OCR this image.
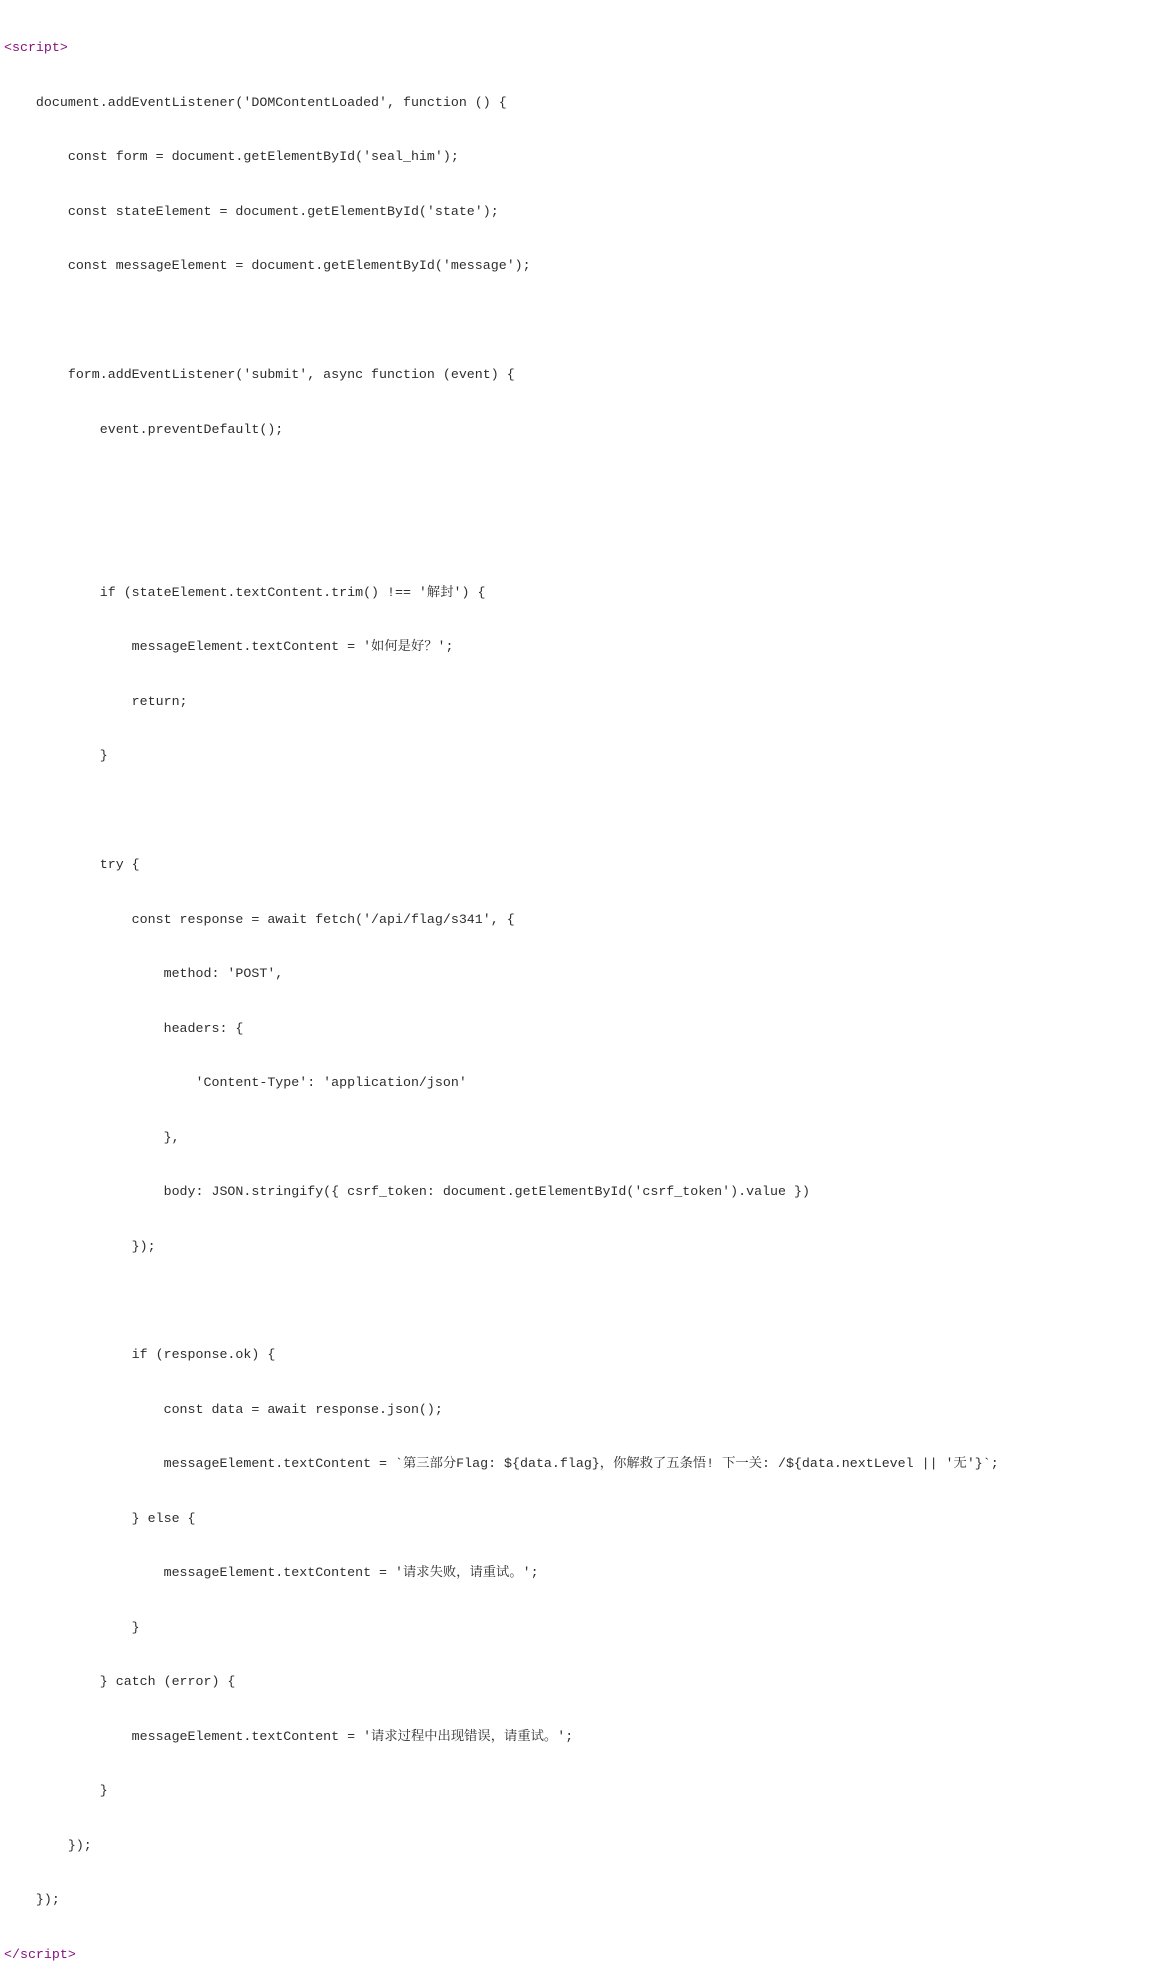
<script>

document.addEventListener('DOMContentLoaded', function () {

const form = document.getElementById('seal_him');

const stateElement = document.getElementById('state');

const messageElement = document.getElementById('message');

form.addEventListener('submit', async function (event) {

event.preventDefault();

if (stateElement.textContent.trim() !== '解封') {

messageElement.textContent = '如何是好？';

return;

}

try {

const response = await fetch('/api/flag/s341', {

method: 'POST',

headers: {

'Content-Type': 'application/json'

},

body: JSON.stringify({ csrf_token: document.getElementById('csrf_token').value })

});

if (response.ok) {

const data = await response.json();

messageElement.textContent = `第三部分Flag: ${data.flag}，你解救了五条悟! 下一关: /${data.nextLevel || '无'}`;

} else {

messageElement.textContent = '请求失败，请重试。';

}

} catch (error) {

messageElement.textContent = '请求过程中出现错误，请重试。';

}

});

});

</script>
